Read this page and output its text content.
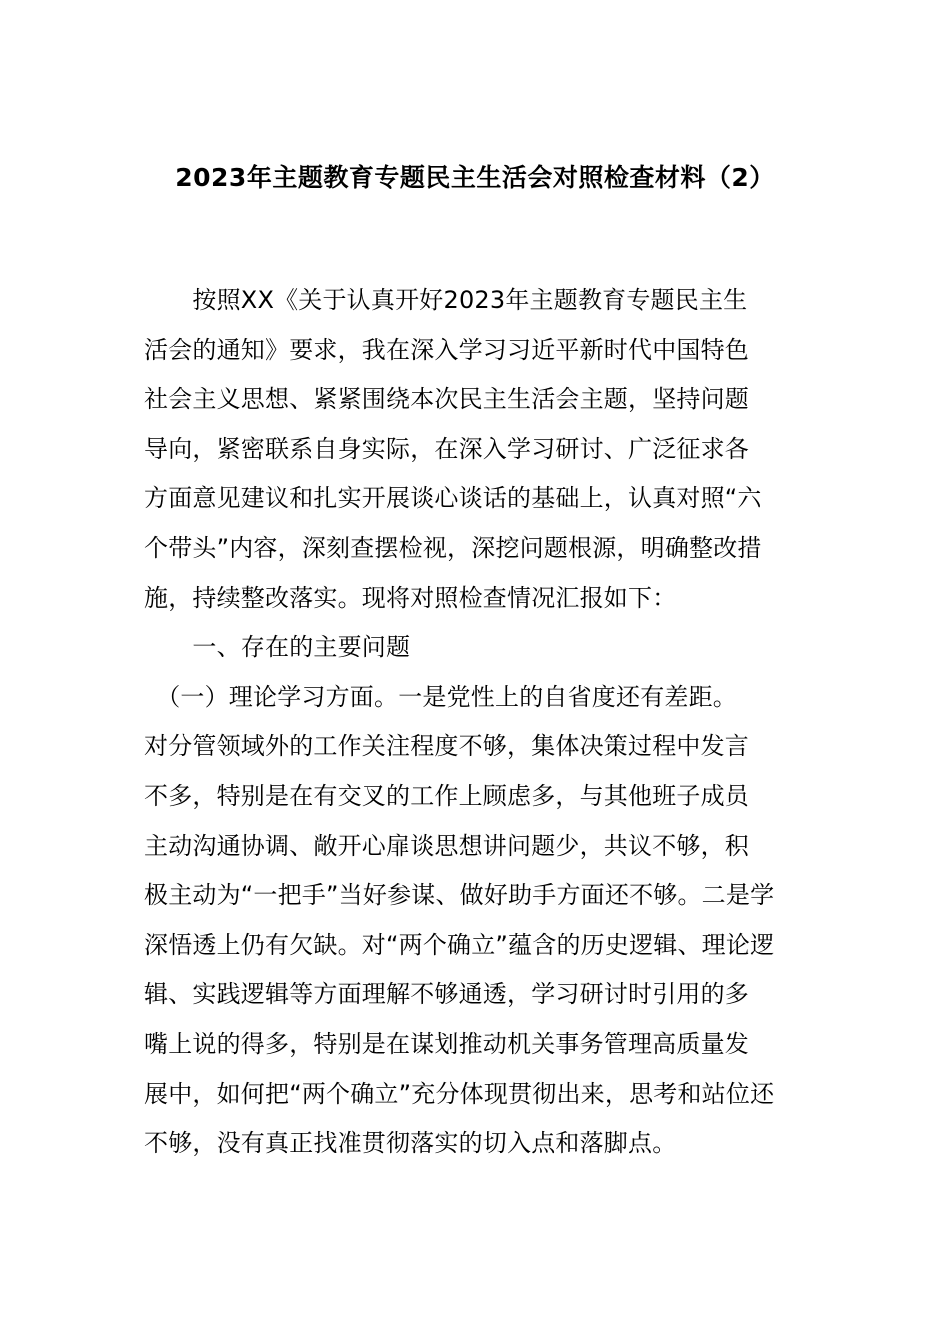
2023年主题教育专题民主生活会对照检查材料（2）
　　按照XX《关于认真开好2023年主题教育专题民主生
活会的通知》要求，我在深入学习习近平新时代中国特色
社会主义思想、紧紧围绕本次民主生活会主题，坚持问题
导向，紧密联系自身实际，在深入学习研讨、广泛征求各
方面意见建议和扎实开展谈心谈话的基础上，认真对照“六
个带头”内容，深刻查摆检视，深挖问题根源，明确整改措
施，持续整改落实。现将对照检查情况汇报如下：
　　一、存在的主要问题
　（一）理论学习方面。一是党性上的自省度还有差距。
对分管领域外的工作关注程度不够，集体决策过程中发言
不多，特别是在有交叉的工作上顾虑多，与其他班子成员
主动沟通协调、敞开心扉谈思想讲问题少，共议不够，积
极主动为“一把手”当好参谋、做好助手方面还不够。二是学
深悟透上仍有欠缺。对“两个确立”蕴含的历史逻辑、理论逻
辑、实践逻辑等方面理解不够通透，学习研讨时引用的多
嘴上说的得多，特别是在谋划推动机关事务管理高质量发
展中，如何把“两个确立”充分体现贯彻出来，思考和站位还
不够，没有真正找准贯彻落实的切入点和落脚点。
